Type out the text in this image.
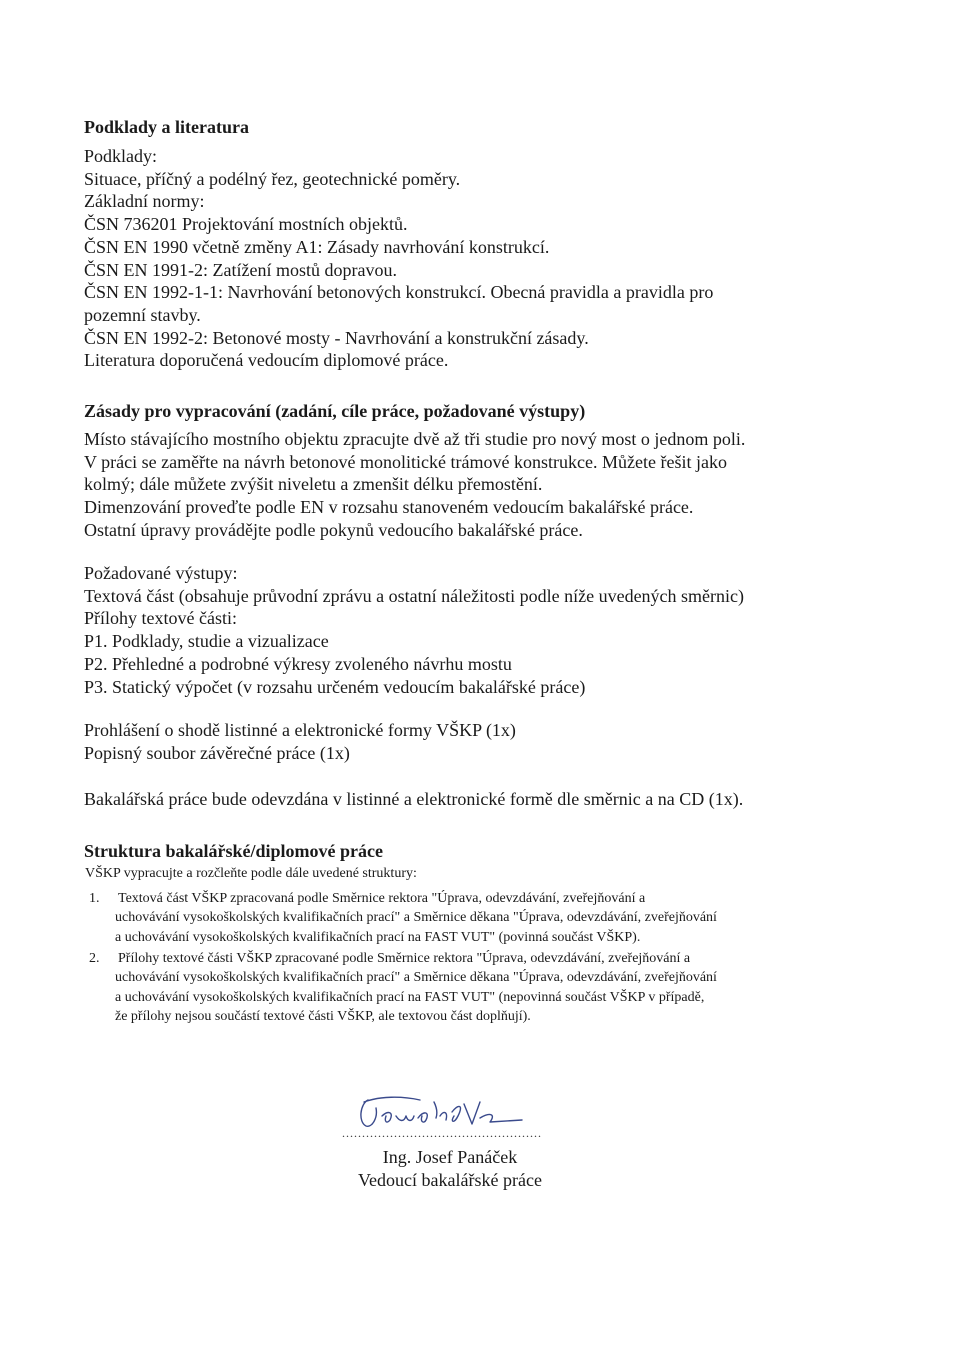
Podklady a literatura
Podklady:
Situace, příčný a podélný řez, geotechnické poměry.
Základní normy:
ČSN 736201 Projektování mostních objektů.
ČSN EN 1990 včetně změny A1: Zásady navrhování konstrukcí.
ČSN EN 1991-2: Zatížení mostů dopravou.
ČSN EN 1992-1-1: Navrhování betonových konstrukcí. Obecná pravidla a pravidla pro
pozemní stavby.
ČSN EN 1992-2: Betonové mosty - Navrhování a konstrukční zásady.
Literatura doporučená vedoucím diplomové práce.
Zásady pro vypracování (zadání, cíle práce, požadované výstupy)
Místo stávajícího mostního objektu zpracujte dvě až tři studie pro nový most o jednom poli.
V práci se zaměřte na návrh betonové monolitické trámové konstrukce. Můžete řešit jako
kolmý; dále můžete zvýšit niveletu a zmenšit délku přemostění.
Dimenzování proveďte podle EN v rozsahu stanoveném vedoucím bakalářské práce.
Ostatní úpravy provádějte podle pokynů vedoucího bakalářské práce.
Požadované výstupy:
Textová část (obsahuje průvodní zprávu a ostatní náležitosti podle níže uvedených směrnic)
Přílohy textové části:
P1. Podklady, studie a vizualizace
P2. Přehledné a podrobné výkresy zvoleného návrhu mostu
P3. Statický výpočet (v rozsahu určeném vedoucím bakalářské práce)
Prohlášení o shodě listinné a elektronické formy VŠKP (1x)
Popisný soubor závěrečné práce (1x)
Bakalářská práce bude odevzdána v listinné a elektronické formě dle směrnic a na CD (1x).
Struktura bakalářské/diplomové práce
VŠKP vypracujte a rozčleňte podle dále uvedené struktury:
1. Textová část VŠKP zpracovaná podle Směrnice rektora "Úprava, odevzdávání, zveřejňování a
uchovávání vysokoškolských kvalifikačních prací" a Směrnice děkana "Úprava, odevzdávání, zveřejňování
a uchovávání vysokoškolských kvalifikačních prací na FAST VUT" (povinná součást VŠKP).
2. Přílohy textové části VŠKP zpracované podle Směrnice rektora "Úprava, odevzdávání, zveřejňování a
uchovávání vysokoškolských kvalifikačních prací" a Směrnice děkana "Úprava, odevzdávání, zveřejňování
a uchovávání vysokoškolských kvalifikačních prací na FAST VUT" (nepovinná součást VŠKP v případě,
že přílohy nejsou součástí textové části VŠKP, ale textovou část doplňují).
..................................................
Ing. Josef Panáček
Vedoucí bakalářské práce
